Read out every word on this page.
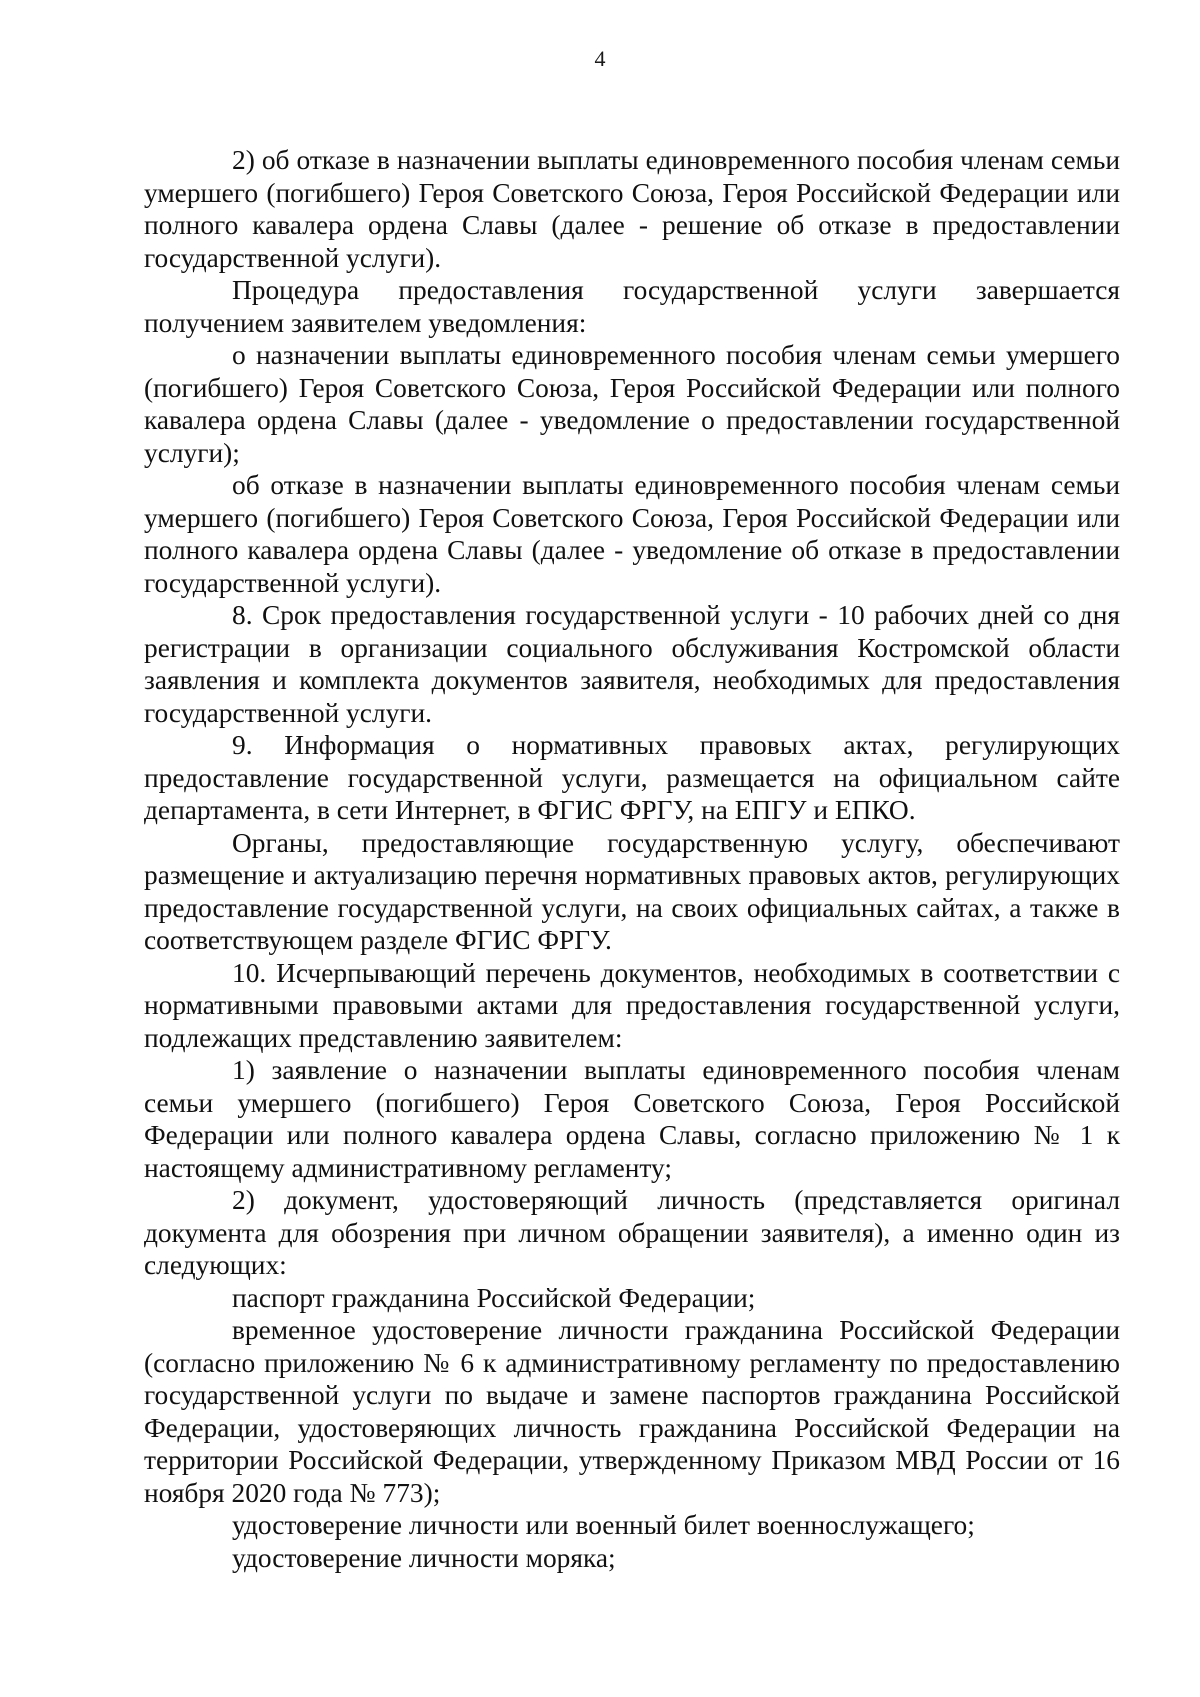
4

2) об отказе в назначении выплаты единовременного пособия членам семьи умершего (погибшего) Героя Советского Союза, Героя Российской Федерации или полного кавалера ордена Славы (далее - решение об отказе в предоставлении государственной услуги).

Процедура предоставления государственной услуги завершается получением заявителем уведомления:

о назначении выплаты единовременного пособия членам семьи умершего (погибшего) Героя Советского Союза, Героя Российской Федерации или полного кавалера ордена Славы (далее - уведомление о предоставлении государственной услуги);

об отказе в назначении выплаты единовременного пособия членам семьи умершего (погибшего) Героя Советского Союза, Героя Российской Федерации или полного кавалера ордена Славы (далее - уведомление об отказе в предоставлении государственной услуги).

8. Срок предоставления государственной услуги - 10 рабочих дней со дня регистрации в организации социального обслуживания Костромской области заявления и комплекта документов заявителя, необходимых для предоставления государственной услуги.

9. Информация о нормативных правовых актах, регулирующих предоставление государственной услуги, размещается на официальном сайте департамента, в сети Интернет, в ФГИС ФРГУ, на ЕПГУ и ЕПКО.

Органы, предоставляющие государственную услугу, обеспечивают размещение и актуализацию перечня нормативных правовых актов, регулирующих предоставление государственной услуги, на своих официальных сайтах, а также в соответствующем разделе ФГИС ФРГУ.

10. Исчерпывающий перечень документов, необходимых в соответствии с нормативными правовыми актами для предоставления государственной услуги, подлежащих представлению заявителем:

1) заявление о назначении выплаты единовременного пособия членам семьи умершего (погибшего) Героя Советского Союза, Героя Российской Федерации или полного кавалера ордена Славы, согласно приложению № 1 к настоящему административному регламенту;

2) документ, удостоверяющий личность (представляется оригинал документа для обозрения при личном обращении заявителя), а именно один из следующих:

паспорт гражданина Российской Федерации;

временное удостоверение личности гражданина Российской Федерации (согласно приложению № 6 к административному регламенту по предоставлению государственной услуги по выдаче и замене паспортов гражданина Российской Федерации, удостоверяющих личность гражданина Российской Федерации на территории Российской Федерации, утвержденному Приказом МВД России от 16 ноября 2020 года № 773);

удостоверение личности или военный билет военнослужащего;

удостоверение личности моряка;
